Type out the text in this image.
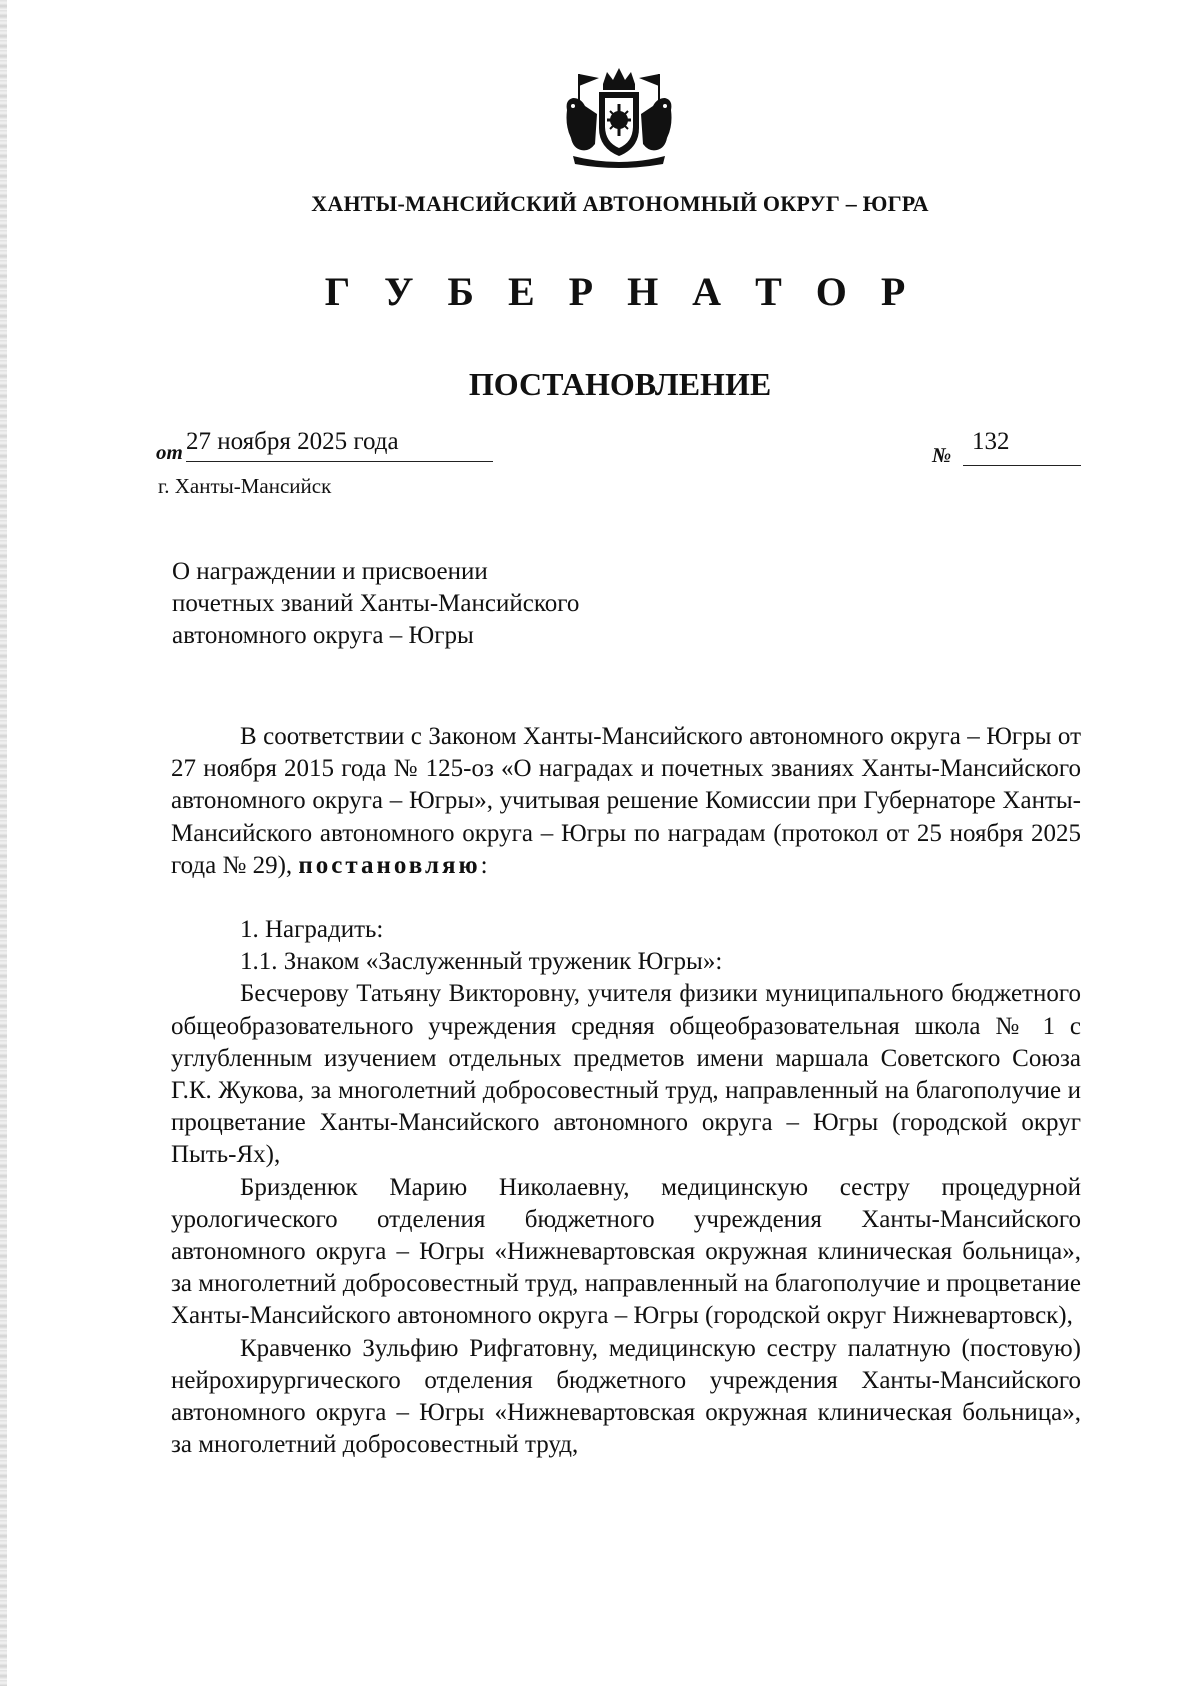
ХАНТЫ-МАНСИЙСКИЙ АВТОНОМНЫЙ ОКРУГ – ЮГРА
Г У Б Е Р Н А Т О Р
ПОСТАНОВЛЕНИЕ
от 27 ноября 2025 года	№ 132
г. Ханты-Мансийск
О награждении и присвоении
почетных званий Ханты-Мансийского
автономного округа – Югры

В соответствии с Законом Ханты-Мансийского автономного округа – Югры от 27 ноября 2015 года № 125-оз «О наградах и почетных званиях Ханты-Мансийского автономного округа – Югры», учитывая решение Комиссии при Губернаторе Ханты-Мансийского автономного округа – Югры по наградам (протокол от 25 ноября 2025 года № 29), постановляю:

1. Наградить:

1.1. Знаком «Заслуженный труженик Югры»:

Бесчерову Татьяну Викторовну, учителя физики муниципального бюджетного общеобразовательного учреждения средняя общеобразовательная школа № 1 с углубленным изучением отдельных предметов имени маршала Советского Союза Г.К. Жукова, за многолетний добросовестный труд, направленный на благополучие и процветание Ханты-Мансийского автономного округа – Югры (городской округ Пыть-Ях),

Бризденюк Марию Николаевну, медицинскую сестру процедурной урологического отделения бюджетного учреждения Ханты-Мансийского автономного округа – Югры «Нижневартовская окружная клиническая больница», за многолетний добросовестный труд, направленный на благополучие и процветание Ханты-Мансийского автономного округа – Югры (городской округ Нижневартовск),

Кравченко Зульфию Рифгатовну, медицинскую сестру палатную (постовую) нейрохирургического отделения бюджетного учреждения Ханты-Мансийского автономного округа – Югры «Нижневартовская окружная клиническая больница», за многолетний добросовестный труд,
